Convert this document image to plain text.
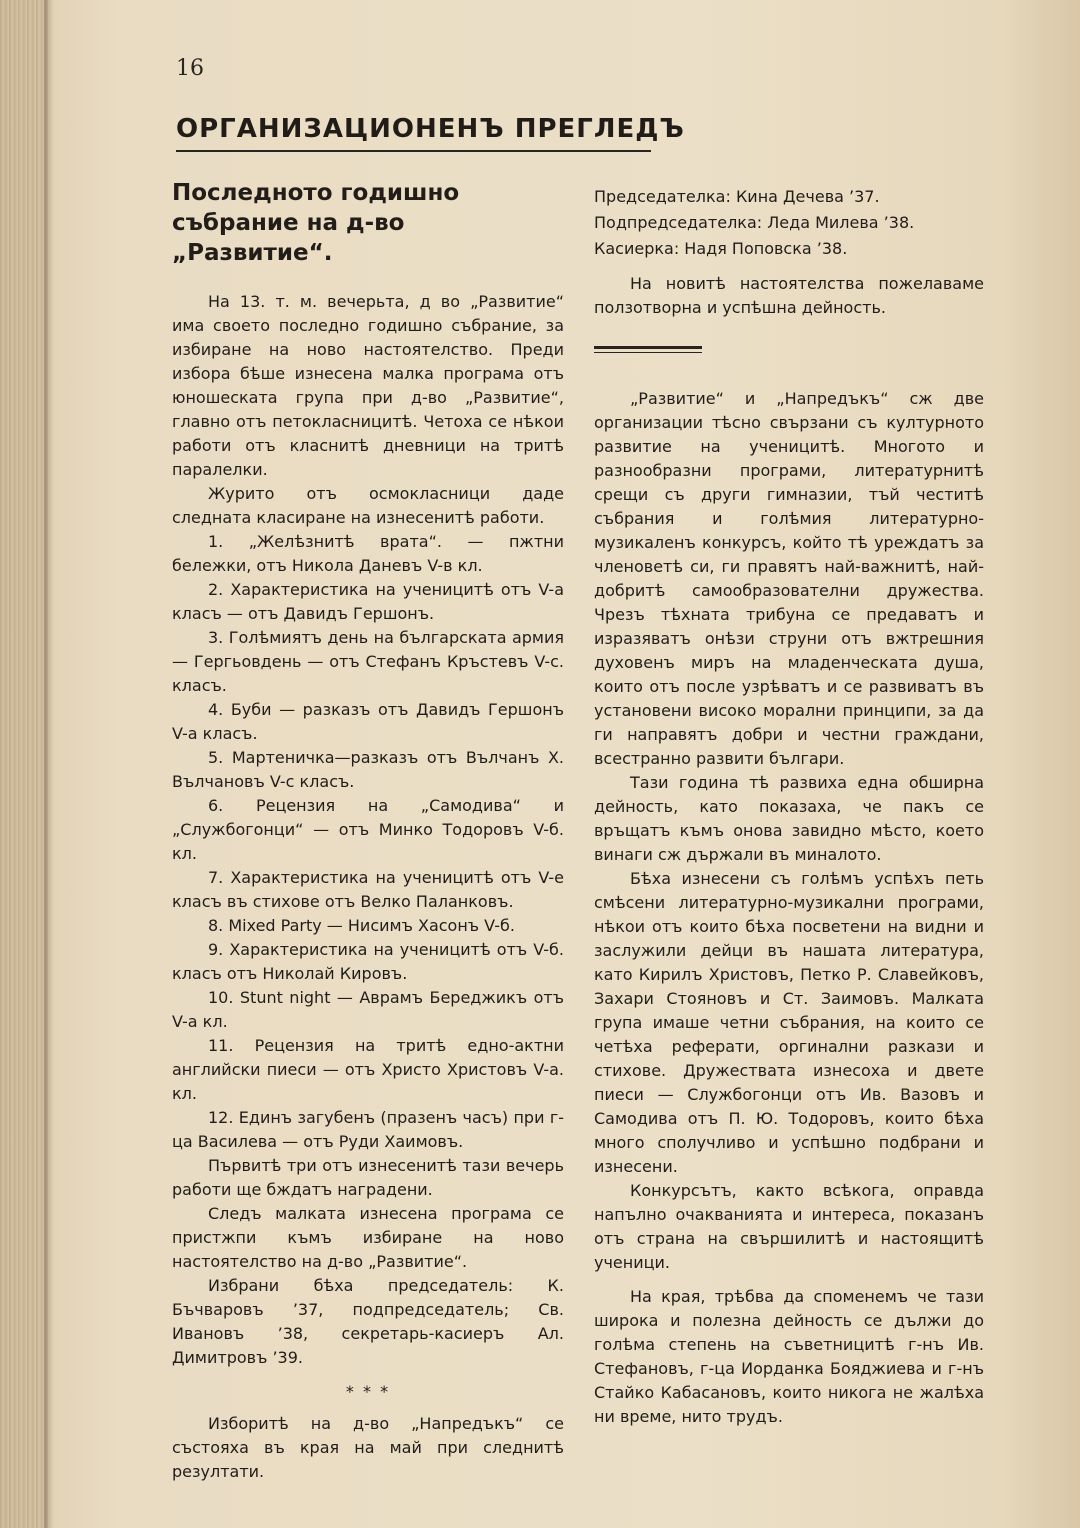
16
ОРГАНИЗАЦИОНЕНЪ ПРЕГЛЕДЪ
Последното годишно събрание на д-во „Развитие“.

На 13. т. м. вечерьта, д во „Развитие“ има своето последно годишно събрание, за избиране на ново настоятелство. Преди избора бѣше изнесена малка програма отъ юношеската група при д-во „Развитие“, главно отъ петокласницитѣ. Четоха се нѣкои работи отъ класнитѣ дневници на тритѣ паралелки.

Журито отъ осмокласници даде следната класиране на изнесенитѣ работи.

1. „Желѣзнитѣ врата“. — пжтни бележки, отъ Никола Даневъ V-в кл.

2. Характеристика на ученицитѣ отъ V-а класъ — отъ Давидъ Гершонъ.

3. Голѣмиятъ день на българската армия — Гергьовдень — отъ Стефанъ Кръстевъ V-с. класъ.

4. Буби — разказъ отъ Давидъ Гершонъ V-а класъ.

5. Мартеничка—разказъ отъ Вълчанъ Х. Вълчановъ V-с класъ.

6. Рецензия на „Самодива“ и „Службогонци“ — отъ Минко Тодоровъ V-б. кл.

7. Характеристика на ученицитѣ отъ V-е класъ въ стихове отъ Велко Паланковъ.

8. Mixed Party — Нисимъ Хасонъ V-б.

9. Характеристика на ученицитѣ отъ V-б. класъ отъ Николай Кировъ.

10. Stunt night — Аврамъ Береджикъ отъ V-а кл.

11. Рецензия на тритѣ едно-актни английски пиеси — отъ Христо Христовъ V-а. кл.

12. Единъ загубенъ (празенъ часъ) при г-ца Василева — отъ Руди Хаимовъ.

Първитѣ три отъ изнесенитѣ тази вечерь работи ще бждатъ наградени.

Следъ малката изнесена програма се пристжпи къмъ избиране на ново настоятелство на д-во „Развитие“.

Избрани бѣха председатель: К. Бъчваровъ ’37, подпредседатель; Св. Ивановъ ’38, секретарь-касиеръ Ал. Димитровъ ’39.

* * *

Изборитѣ на д-во „Напредъкъ“ се състояха въ края на май при следнитѣ резултати.

Председателка: Кина Дечева ’37.

Подпредседателка: Леда Милева ’38.

Касиерка: Надя Поповска ’38.

На новитѣ настоятелства пожелаваме ползотворна и успѣшна дейность.

„Развитие“ и „Напредъкъ“ сж две организации тѣсно свързани съ културното развитие на ученицитѣ. Многото и разнообразни програми, литературнитѣ срещи съ други гимназии, тъй честитѣ събрания и голѣмия литературно-музикаленъ конкурсъ, който тѣ уреждатъ за членоветѣ си, ги правятъ най-важнитѣ, най-добритѣ самообразователни дружества. Чрезъ тѣхната трибуна се предаватъ и изразяватъ онѣзи струни отъ вжтрешния духовенъ миръ на младенческата душа, които отъ после узрѣватъ и се развиватъ въ установени високо морални принципи, за да ги направятъ добри и честни граждани, всестранно развити българи.

Тази година тѣ развиха една обширна дейность, като показаха, че пакъ се връщатъ къмъ онова завидно мѣсто, което винаги сж държали въ миналото.

Бѣха изнесени съ голѣмъ успѣхъ петь смѣсени литературно-музикални програми, нѣкои отъ които бѣха посветени на видни и заслужили дейци въ нашата литература, като Кирилъ Христовъ, Петко Р. Славейковъ, Захари Стояновъ и Ст. Заимовъ. Малката група имаше четни събрания, на които се четѣха реферати, оргинални разкази и стихове. Дружествата изнесоха и двете пиеси — Службогонци отъ Ив. Вазовъ и Самодива отъ П. Ю. Тодоровъ, които бѣха много сполучливо и успѣшно подбрани и изнесени.

Конкурсътъ, както всѣкога, оправда напълно очакванията и интереса, показанъ отъ страна на свършилитѣ и настоящитѣ ученици.

На края, трѣбва да споменемъ че тази широка и полезна дейность се дължи до голѣма степень на съветницитѣ г-нъ Ив. Стефановъ, г-ца Иорданка Бояджиева и г-нъ Стайко Кабасановъ, които никога не жалѣха ни време, нито трудъ.
